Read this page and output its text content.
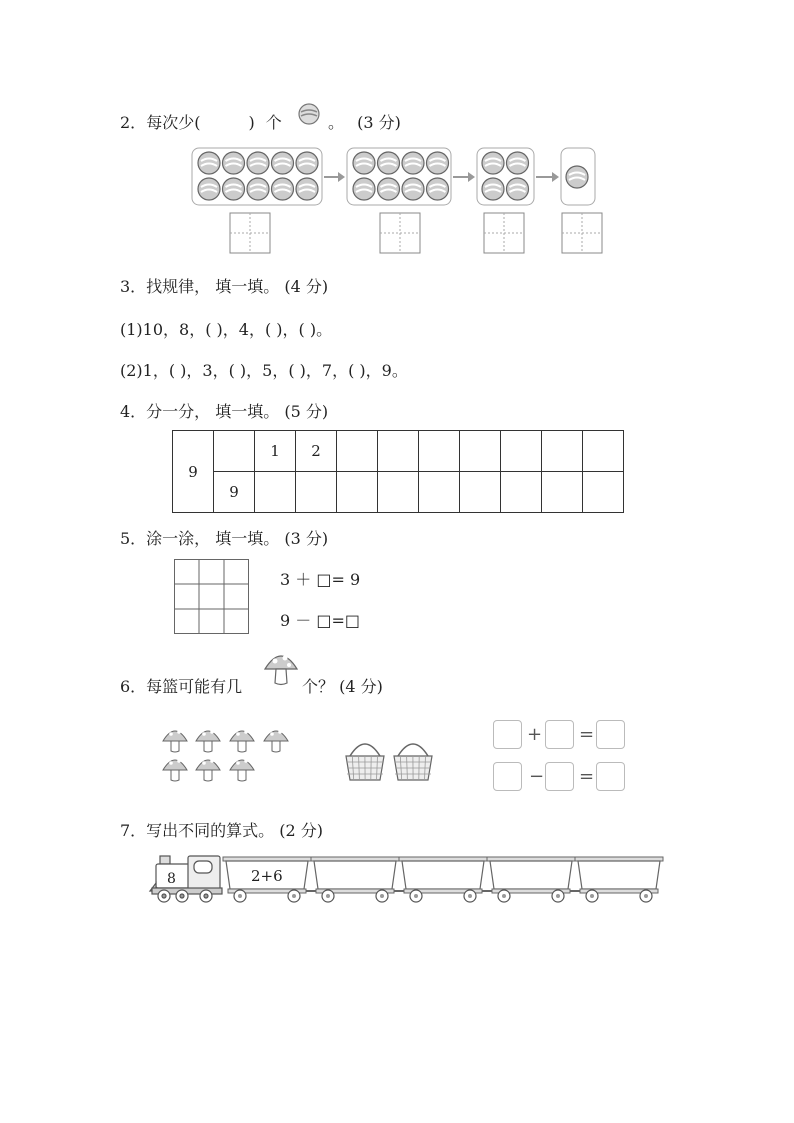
2．每次少(	) 个	。 (3 分)
3．找规律， 填一填。 (4 分)
(1)10，8，( )，4，( )，( )。
(2)1，( )，3，( )，5，( )，7，( )，9。
4．分一分， 填一填。 (5 分)
9		1	2							
	9									
5．涂一涂， 填一填。 (3 分)
3 ＋ □= 9
9 － □=□
6．每篮可能有几	个？ (4 分)
+ =
− =
7．写出不同的算式。 (2 分)
8	2+6
